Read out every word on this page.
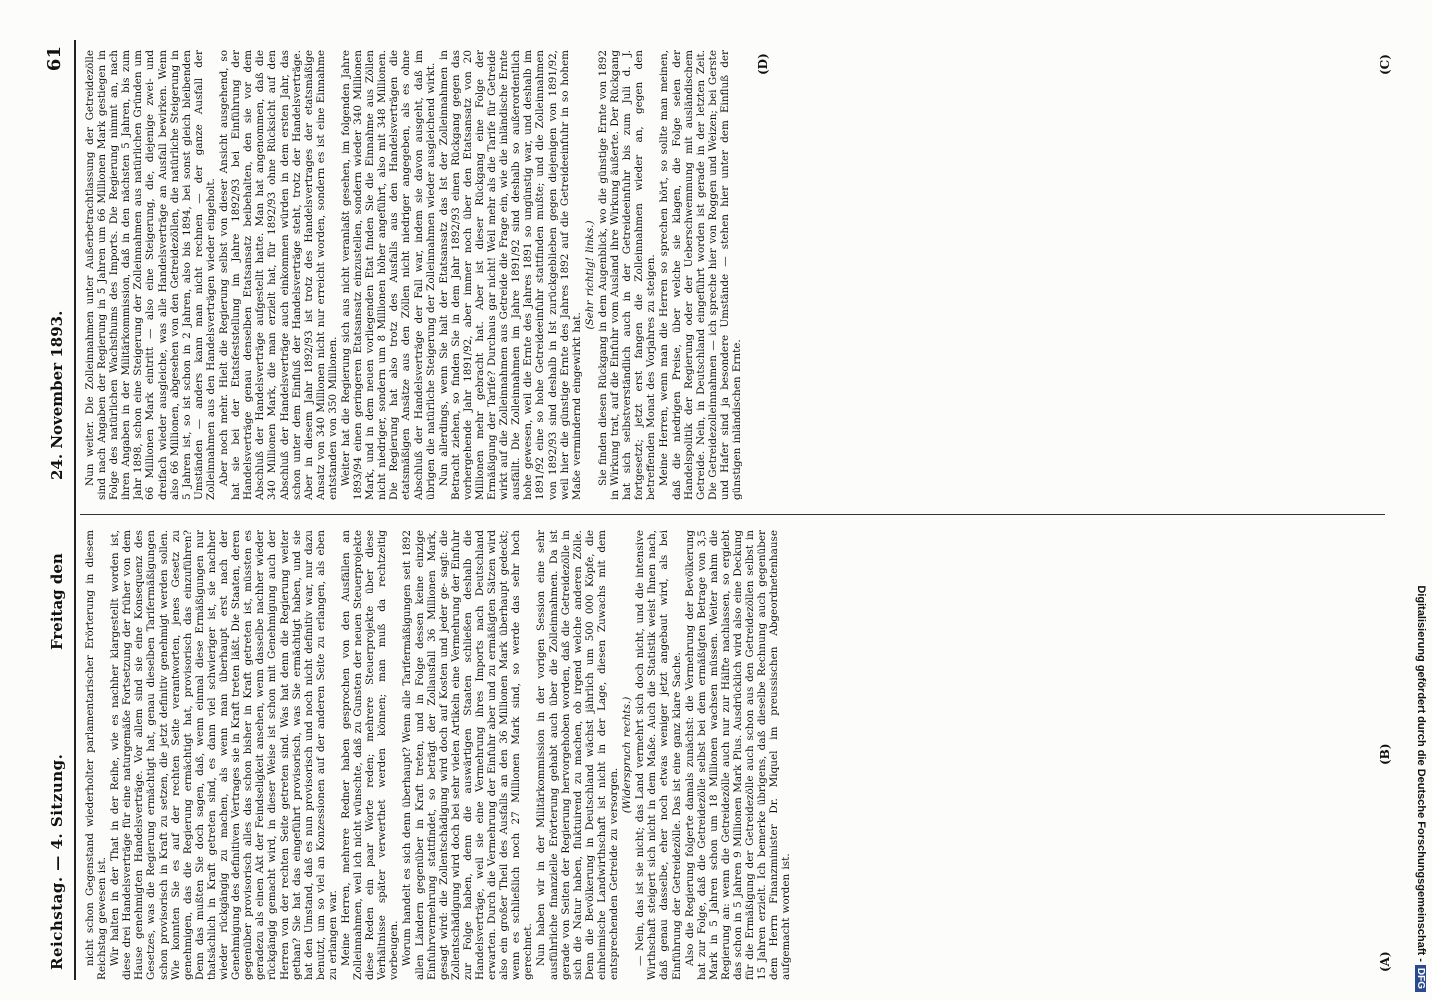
Reichstag. — 4. Sitzung.
Freitag den
24. November 1893.
61

nicht schon Gegenstand wiederholter parlamentarischer Erörterung in diesem Reichstag gewesen ist. Wir halten in der That in der Reihe, wie es nachher klargestellt worden ist, diese drei Handelsverträge für eine naturgemäße Fortsetzung der früher von dem Hause genehmigten Handelsverträge. Vor allem sind sie eine Konsequenz des Gesetzes, was die Regierung ermächtigt hat, genau dieselben Tarifermäßigungen schon provisorisch in Kraft zu setzen, die jetzt definitiv genehmigt werden sollen. Wie konnten Sie es auf der rechten Seite verantworten, jenes Gesetz zu genehmigen, das die Regierung ermächtigt hat, provisorisch das einzuführen? Denn das mußten Sie doch sagen, daß, wenn einmal diese Ermäßigungen nur thatsächlich in Kraft getreten sind, es dann viel schwieriger ist, sie nachher wieder rückgängig zu machen, als wenn man überhaupt erst nach der Genehmigung des definitiven Vertrages sie in Kraft treten läßt. Die Staaten, deren gegenüber provisorisch alles das schon bisher in Kraft getreten ist, müssten es geradezu als einen Akt der Feindseligkeit ansehen, wenn dasselbe nachher wieder rückgängig gemacht wird, in dieser Weise ist schon mit Genehmigung auch der Herren von der rechten Seite getreten sind. Was hat denn die Regierung weiter gethan? Sie hat das eingeführt provisorisch, was Sie ermächtigt haben, und sie hat den Umstand, daß es nun provisorisch und noch nicht definitiv war, nur dazu benutzt, um so viel an Konzessionen auf der anderen Seite zu erlangen, als eben zu erlangen war. Meine Herren, mehrere Redner haben gesprochen von den Ausfällen an Zolleinnahmen, weil ich nicht wünschte, daß zu Gunsten der neuen Steuerprojekte diese Reden ein paar Worte reden; mehrere Steuerprojekte über diese Verhältnisse später verwerthet werden können; man muß da rechtzeitig vorbeugen. Worum handelt es sich denn überhaupt? Wenn alle Tarifermäßigungen seit 1892 allen Ländern gegenüber in Kraft treten, und in Folge dessen keine einzige Einfuhrvermehrung stattfindet, so beträgt der Zollausfall 36 Millionen Mark, gesagt wird: die Zollentschädigung wird doch auf Kosten und jeder ge- sagt: die Zollentschädigung wird doch bei sehr vielen Artikeln eine Vermehrung der Einfuhr zur Folge haben, denn die auswärtigen Staaten schließen deshalb die Handelsverträge, weil sie eine Vermehrung ihres Imports nach Deutschland erwarten. Durch die Vermehrung der Einfuhr aber und zu ermäßigten Sätzen wird also ein großer Theil des Ausfalls an den 36 Millionen Mark überhaupt gedeckt; wenn es schließlich noch 27 Millionen Mark sind, so werde das sehr hoch gerechnet. Nun haben wir in der Militärkommission in der vorigen Session eine sehr ausführliche finanzielle Erörterung gehabt auch über die Zolleinnahmen. Da ist gerade von Seiten der Regierung hervorgehoben worden, daß die Getreidezölle in sich die Natur haben, fluktuirend zu machen, ob irgend welche anderen Zölle. Denn die Bevölkerung in Deutschland wächst jährlich um 500 000 Köpfe, die einheimische Landwirthschaft ist nicht in der Lage, diesen Zuwachs mit dem entsprechenden Getreide zu versorgen.

(Widerspruch rechts.) — Nein, das ist sie nicht; das Land vermehrt sich doch nicht, und die intensive Wirthschaft steigert sich nicht in dem Maße. Auch die Statistik weist Ihnen nach, daß genau dasselbe, eher noch etwas weniger jetzt angebaut wird, als bei Einführung der Getreidezölle. Das ist eine ganz klare Sache. Also die Regierung folgerte damals zunächst: die Vermehrung der Bevölkerung hat zur Folge, daß die Getreidezölle selbst bei dem ermäßigten Betrage von 3,5 Mark in 5 Jahren schon um 18 Millionen wachsen müssen. Weiter nahm die Regierung an: wenn die Getreidezölle auch nur zur Hälfte nachlassen, so ergiebt das schon in 5 Jahren 9 Millionen Mark Plus. Ausdrücklich wird also eine Deckung für die Ermäßigung der Getreidezölle auch schon aus den Getreidezöllen selbst in 15 Jahren erzielt. Ich bemerke übrigens, daß dieselbe Rechnung auch gegenüber dem Herrn Finanzminister Dr. Miquel im preussischen Abgeordnetenhause aufgemacht worden ist.

Nun weiter. Die Zolleinnahmen unter Außerbetrachtlassung der Getreidezölle sind nach Angaben der Regierung in 5 Jahren um 66 Millionen Mark gestiegen in Folge des natürlichen Wachsthums des Imports. Die Regierung nimmt an, nach ihren Angaben in der Militärkommission, daß in den nächsten 5 Jahren, bis zum Jahr 1898, schon eine Steigerung der Zolleinnahmen aus natürlichen Gründen um 66 Millionen Mark eintritt — also eine Steigerung, die, diejenige zwei- und dreifach wieder ausgleiche, was alle Handelsverträge an Ausfall bewirken. Wenn also 66 Millionen, abgesehen von den Getreidezöllen, die natürliche Steigerung in 5 Jahren ist, so ist schon in 2 Jahren, also bis 1894, bei sonst gleich bleibenden Umständen — anders kann man nicht rechnen — der ganze Ausfall der Zolleinnahmen aus den Handelsverträgen wieder eingeholt. Aber noch mehr. Hielt die Regierung selbst von dieser Ansicht ausgehend, so hat sie bei der Etatsfeststellung im Jahre 1892/93 bei Einführung der Handelsverträge genau denselben Etatsansatz beibehalten, den sie vor dem Abschluß der Handelsverträge aufgestellt hatte. Man hat angenommen, daß die 340 Millionen Mark, die man erzielt hat, für 1892/93 ohne Rücksicht auf den Abschluß der Handelsverträge auch einkommen würden in dem ersten Jahr, das schon unter dem Einfluß der Handelsverträge steht, trotz der Handelsverträge. Aber in diesem Jahr 1892/93 ist trotz des Handelsvertrages der etatsmäßige Ansatz von 340 Millionen nicht nur erreicht worden, sondern es ist eine Einnahme entstanden von 350 Millionen. Weiter hat die Regierung sich aus nicht veranlaßt gesehen, im folgenden Jahre 1893/94 einen geringeren Etatsansatz einzustellen, sondern wieder 340 Millionen Mark, und in dem neuen vorliegenden Etat finden Sie die Einnahme aus Zöllen nicht niedriger, sondern um 8 Millionen höher angeführt, also mit 348 Millionen. Die Regierung hat also trotz des Ausfalls aus den Handelsverträgen die etatsmäßigen Ansätze aus den Zöllen nicht niedriger angegeben, als es ohne Abschluß der Handelsverträge der Fall war, indem sie davon ausgeht, daß im übrigen die natürliche Steigerung der Zolleinnahmen wieder ausgleichend wirkt. Nun allerdings, wenn Sie halt der Etatsansatz das Ist der Zolleinnahmen in Betracht ziehen, so finden Sie in dem Jahr 1892/93 einen Rückgang gegen das vorhergehende Jahr 1891/92, aber immer noch über den Etatsansatz von 20 Millionen mehr gebracht hat. Aber ist dieser Rückgang eine Folge der Ermäßigung der Tarife? Durchaus gar nicht! Weil mehr als die Tarife für Getreide wirkt auf die Zolleinnahmen aus Getreide die Frage ein, wie die inländische Ernte ausfällt. Die Zolleinnahmen im Jahre 1891/92 sind deshalb so außerordentlich hohe gewesen, weil die Ernte des Jahres 1891 so ungünstig war, und deshalb im 1891/92 eine so hohe Getreideeinfuhr stattfinden mußte; und die Zolleinnahmen von 1892/93 sind deshalb in Ist zurückgeblieben gegen diejenigen von 1891/92, weil hier die günstige Ernte des Jahres 1892 auf die Getreideeinfuhr in so hohem Maße vermindernd eingewirkt hat.

(Sehr richtig! links.) Sie finden diesen Rückgang in dem Augenblick, wo die günstige Ernte von 1892 in Wirkung trat, auf die Einfuhr vom Ausland ihre Wirkung äußerte. Der Rückgang hat sich selbstverständlich auch in der Getreideeinfuhr bis zum Juli d. J. fortgesetzt; jetzt erst fangen die Zolleinnahmen wieder an, gegen den betreffenden Monat des Vorjahres zu steigen. Meine Herren, wenn man die Herren so sprechen hört, so sollte man meinen, daß die niedrigen Preise, über welche sie klagen, die Folge seien der Handelspolitik der Regierung oder der Ueberschwemmung mit ausländischem Getreide. Nein, in Deutschland eingeführt worden ist gerade in der letzten Zeit. Die Getreidezolleinnahmen — ich spreche hier von Roggen und Weizen; bei Gerste und Hafer sind ja besondere Umstände — stehen hier unter dem Einfluß der günstigen inländischen Ernte.

(A)
(B)
(C)
(D)
Digitalisierung gefördert durch die Deutsche Forschungsgemeinschaft -DFG
